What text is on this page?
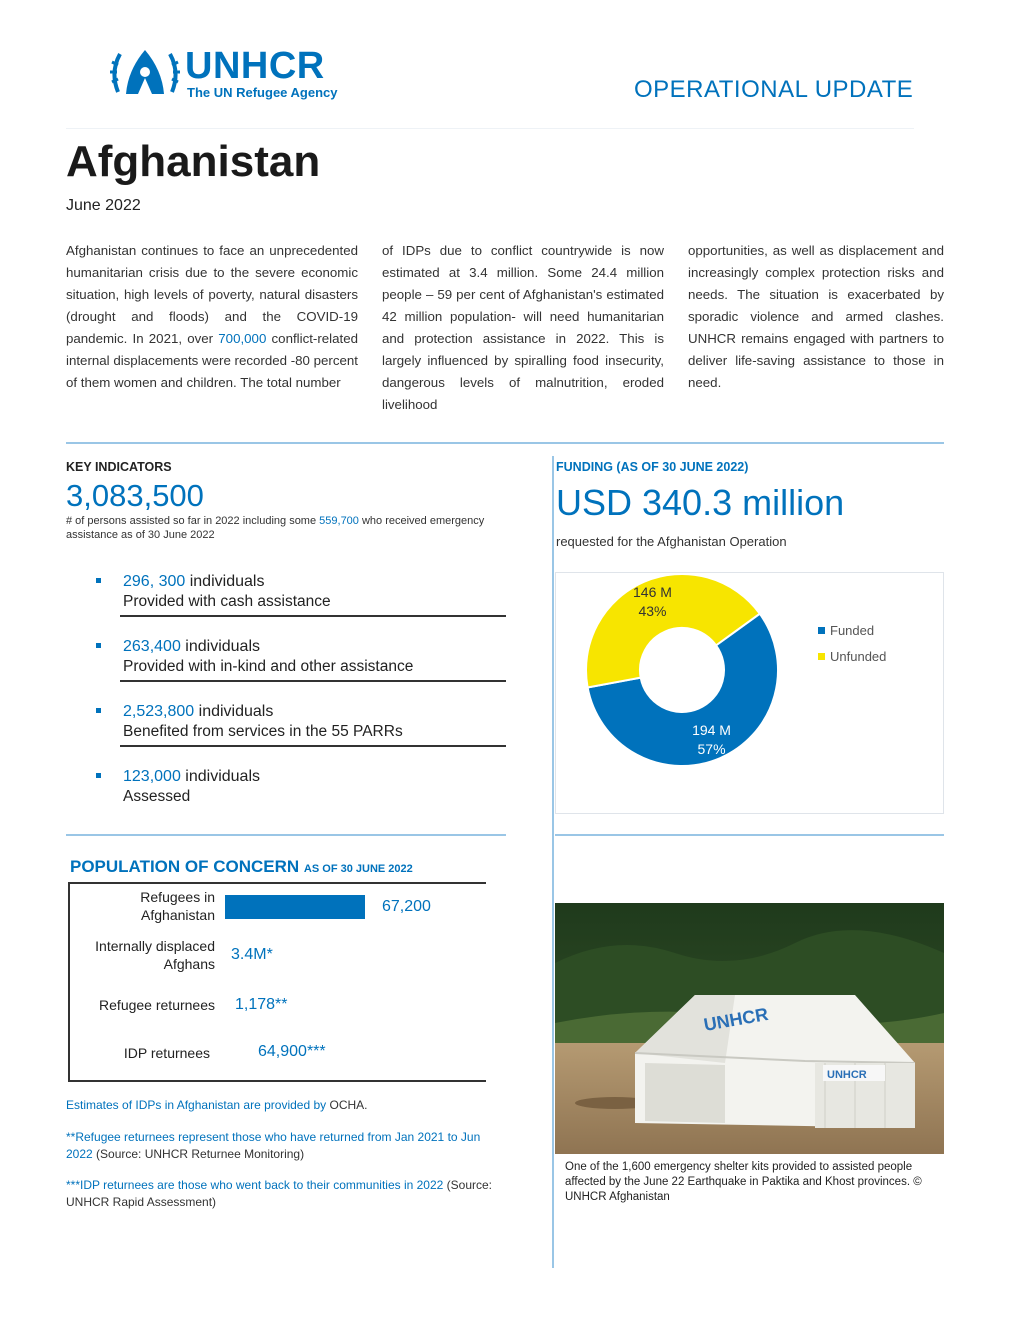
UNHCR
The UN Refugee Agency	OPERATIONAL UPDATE
Afghanistan
June 2022
Afghanistan continues to face an unprecedented humanitarian crisis due to the severe economic situation, high levels of poverty, natural disasters (drought and floods) and the COVID-19 pandemic. In 2021, over 700,000 conflict-related internal displacements were recorded -80 percent of them women and children. The total number
of IDPs due to conflict countrywide is now estimated at 3.4 million. Some 24.4 million people – 59 per cent of Afghanistan's estimated 42 million population- will need humanitarian and protection assistance in 2022. This is largely influenced by spiralling food insecurity, dangerous levels of malnutrition, eroded livelihood
opportunities, as well as displacement and increasingly complex protection risks and needs. The situation is exacerbated by sporadic violence and armed clashes. UNHCR remains engaged with partners to deliver life-saving assistance to those in need.
KEY INDICATORS
3,083,500
# of persons assisted so far in 2022 including some 559,700 who received emergency assistance as of 30 June 2022
296, 300 individuals
Provided with cash assistance
263,400 individuals
Provided with in-kind and other assistance
2,523,800 individuals
Benefited from services in the 55 PARRs
123,000 individuals
Assessed
FUNDING (AS OF 30 JUNE 2022)
USD 340.3 million
requested for the Afghanistan Operation
194 M
57%
146 M
43%
Funded
Unfunded
POPULATION OF CONCERN AS OF 30 JUNE 2022
Refugees in
Afghanistan	67,200
Internally displaced
Afghans
3.4M*
Refugee returnees 1,178**
IDP returnees	64,900***
Estimates of IDPs in Afghanistan are provided by OCHA.
**Refugee returnees represent those who have returned from Jan 2021 to Jun 2022 (Source: UNHCR Returnee Monitoring)
***IDP returnees are those who went back to their communities in 2022 (Source: UNHCR Rapid Assessment)
UNHCR
UNHCR
One of the 1,600 emergency shelter kits provided to assisted people affected by the June 22 Earthquake in Paktika and Khost provinces. © UNHCR Afghanistan
